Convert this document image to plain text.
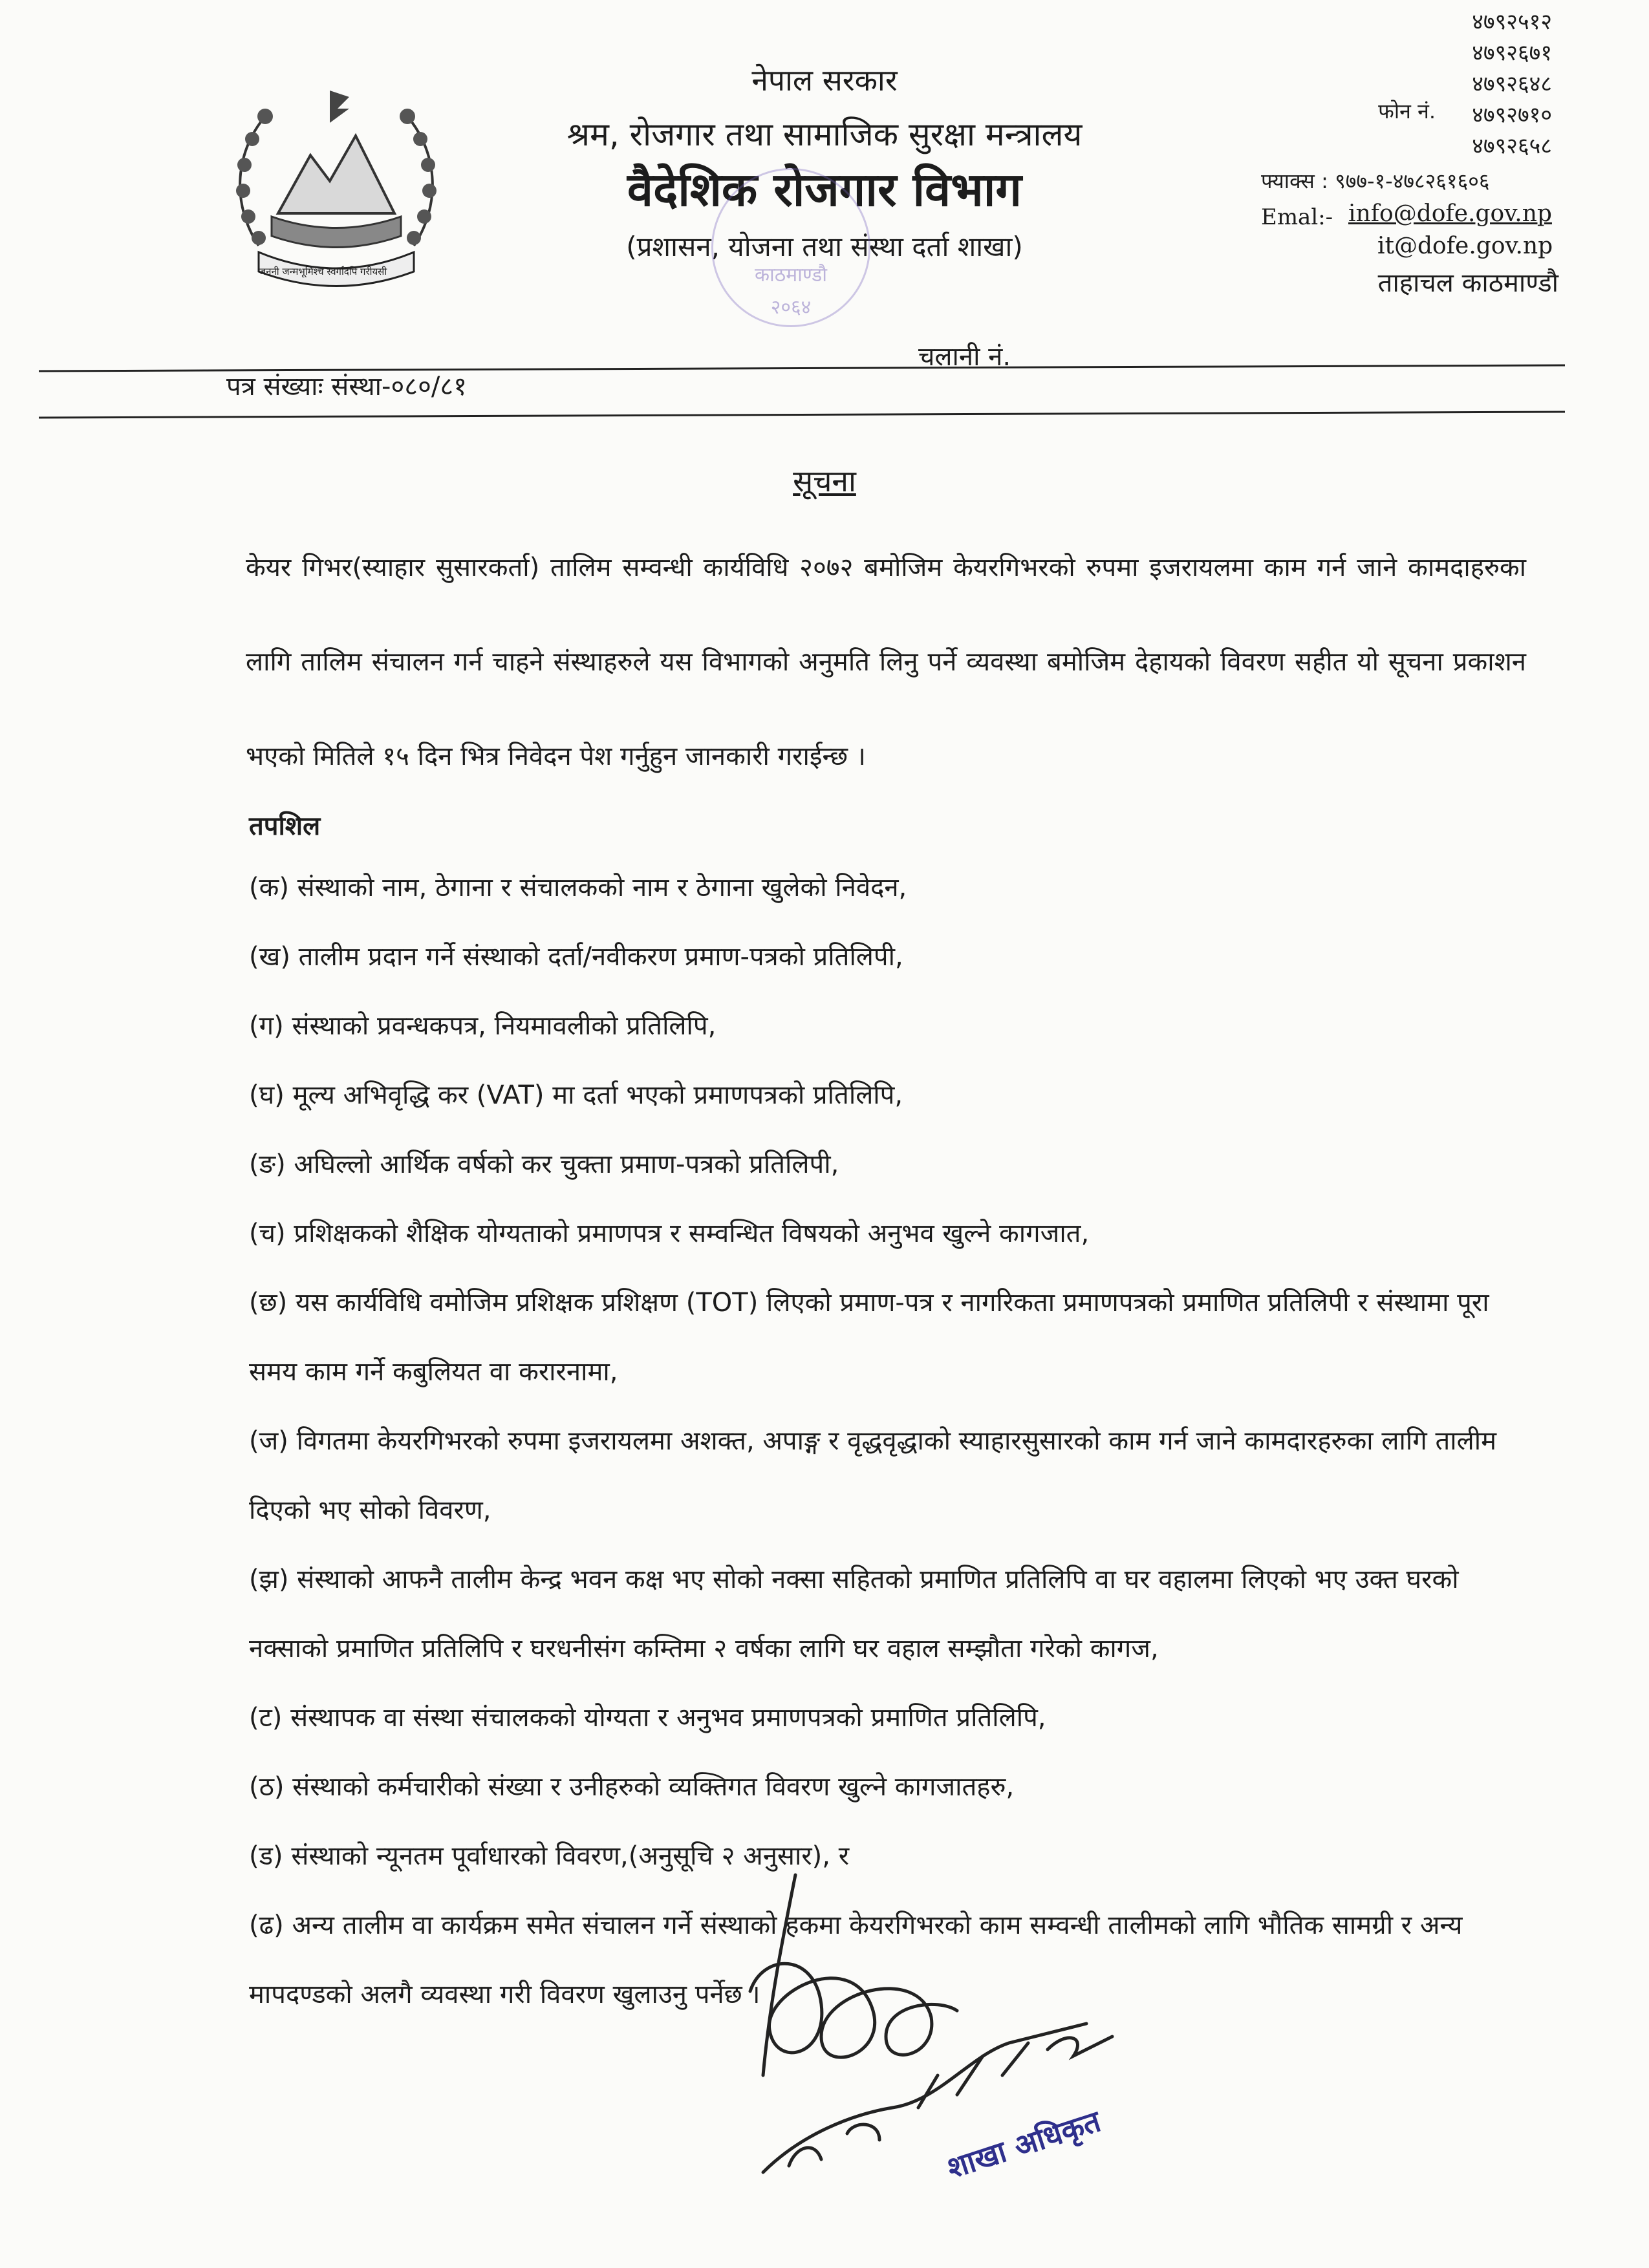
जननी जन्मभूमिश्च स्वर्गादपि गरीयसी
नेपाल सरकार
श्रम, रोजगार तथा सामाजिक सुरक्षा मन्त्रालय
वैदेशिक रोजगार विभाग
(प्रशासन, योजना तथा संस्था दर्ता शाखा)
काठमाण्डौ
२०६४
४७९२५१२
४७९२६७१
४७९२६४८
४७९२७१०
४७९२६५८
फोन नं.
फ्याक्स : ९७७-१-४७८२६१६०६
Emal:- info@dofe.gov.np
it@dofe.gov.np
ताहाचल काठमाण्डौ
चलानी नं.
पत्र संख्याः संस्था-०८०/८१
सूचना
केयर गिभर(स्याहार सुसारकर्ता) तालिम सम्वन्धी कार्यविधि २०७२ बमोजिम केयरगिभरको रुपमा इजरायलमा काम गर्न जाने कामदाहरुका लागि तालिम संचालन गर्न चाहने संस्थाहरुले यस विभागको अनुमति लिनु पर्ने व्यवस्था बमोजिम देहायको विवरण सहीत यो सूचना प्रकाशन भएको मितिले १५ दिन भित्र निवेदन पेश गर्नुहुन जानकारी गराईन्छ ।
तपशिल
(क) संस्थाको नाम, ठेगाना र संचालकको नाम र ठेगाना खुलेको निवेदन,
(ख) तालीम प्रदान गर्ने संस्थाको दर्ता/नवीकरण प्रमाण-पत्रको प्रतिलिपी,
(ग) संस्थाको प्रवन्धकपत्र, नियमावलीको प्रतिलिपि,
(घ) मूल्य अभिवृद्धि कर (VAT) मा दर्ता भएको प्रमाणपत्रको प्रतिलिपि,
(ङ) अघिल्लो आर्थिक वर्षको कर चुक्ता प्रमाण-पत्रको प्रतिलिपी,
(च) प्रशिक्षकको शैक्षिक योग्यताको प्रमाणपत्र र सम्वन्धित विषयको अनुभव खुल्ने कागजात,
(छ) यस कार्यविधि वमोजिम प्रशिक्षक प्रशिक्षण (TOT) लिएको प्रमाण-पत्र र नागरिकता प्रमाणपत्रको प्रमाणित प्रतिलिपी र संस्थामा पूरा समय काम गर्ने कबुलियत वा करारनामा,
(ज) विगतमा केयरगिभरको रुपमा इजरायलमा अशक्त, अपाङ्ग र वृद्धवृद्धाको स्याहारसुसारको काम गर्न जाने कामदारहरुका लागि तालीम दिएको भए सोको विवरण,
(झ) संस्थाको आफनै तालीम केन्द्र भवन कक्ष भए सोको नक्सा सहितको प्रमाणित प्रतिलिपि वा घर वहालमा लिएको भए उक्त घरको नक्साको प्रमाणित प्रतिलिपि र घरधनीसंग कम्तिमा २ वर्षका लागि घर वहाल सम्झौता गरेको कागज,
(ट) संस्थापक वा संस्था संचालकको योग्यता र अनुभव प्रमाणपत्रको प्रमाणित प्रतिलिपि,
(ठ) संस्थाको कर्मचारीको संख्या र उनीहरुको व्यक्तिगत विवरण खुल्ने कागजातहरु,
(ड) संस्थाको न्यूनतम पूर्वाधारको विवरण,(अनुसूचि २ अनुसार), र
(ढ) अन्य तालीम वा कार्यक्रम समेत संचालन गर्ने संस्थाको हकमा केयरगिभरको काम सम्वन्धी तालीमको लागि भौतिक सामग्री र अन्य मापदण्डको अलगै व्यवस्था गरी विवरण खुलाउनु पर्नेछ ।
शाखा अधिकृत
